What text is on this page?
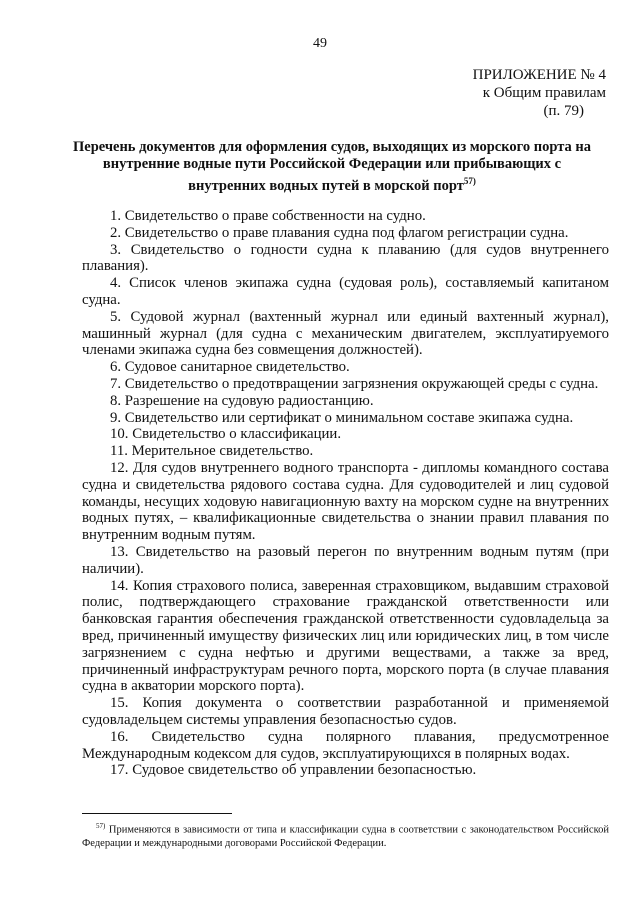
49
ПРИЛОЖЕНИЕ № 4
к Общим правилам
(п. 79)
Перечень документов для оформления судов, выходящих из морского порта на внутренние водные пути Российской Федерации или прибывающих с внутренних водных путей в морской порт$^{57)}$

1. Свидетельство о праве собственности на судно.

2. Свидетельство о праве плавания судна под флагом регистрации судна.

3. Свидетельство о годности судна к плаванию (для судов внутреннего плавания).

4. Список членов экипажа судна (судовая роль), составляемый капитаном судна.

5. Судовой журнал (вахтенный журнал или единый вахтенный журнал), машинный журнал (для судна с механическим двигателем, эксплуатируемого членами экипажа судна без совмещения должностей).

6. Судовое санитарное свидетельство.

7. Свидетельство о предотвращении загрязнения окружающей среды с судна.

8. Разрешение на судовую радиостанцию.

9. Свидетельство или сертификат о минимальном составе экипажа судна.

10. Свидетельство о классификации.

11. Мерительное свидетельство.

12. Для судов внутреннего водного транспорта - дипломы командного состава судна и свидетельства рядового состава судна. Для судоводителей и лиц судовой команды, несущих ходовую навигационную вахту на морском судне на внутренних водных путях, – квалификационные свидетельства о знании правил плавания по внутренним водным путям.

13. Свидетельство на разовый перегон по внутренним водным путям (при наличии).

14. Копия страхового полиса, заверенная страховщиком, выдавшим страховой полис, подтверждающего страхование гражданской ответственности или банковская гарантия обеспечения гражданской ответственности судовладельца за вред, причиненный имуществу физических лиц или юридических лиц, в том числе загрязнением с судна нефтью и другими веществами, а также за вред, причиненный инфраструктурам речного порта, морского порта (в случае плавания судна в акватории морского порта).

15. Копия документа о соответствии разработанной и применяемой судовладельцем системы управления безопасностью судов.

16. Свидетельство судна полярного плавания, предусмотренное Международным кодексом для судов, эксплуатирующихся в полярных водах.

17. Судовое свидетельство об управлении безопасностью.

$^{57)}$ Применяются в зависимости от типа и классификации судна в соответствии с законодательством Российской Федерации и международными договорами Российской Федерации.
